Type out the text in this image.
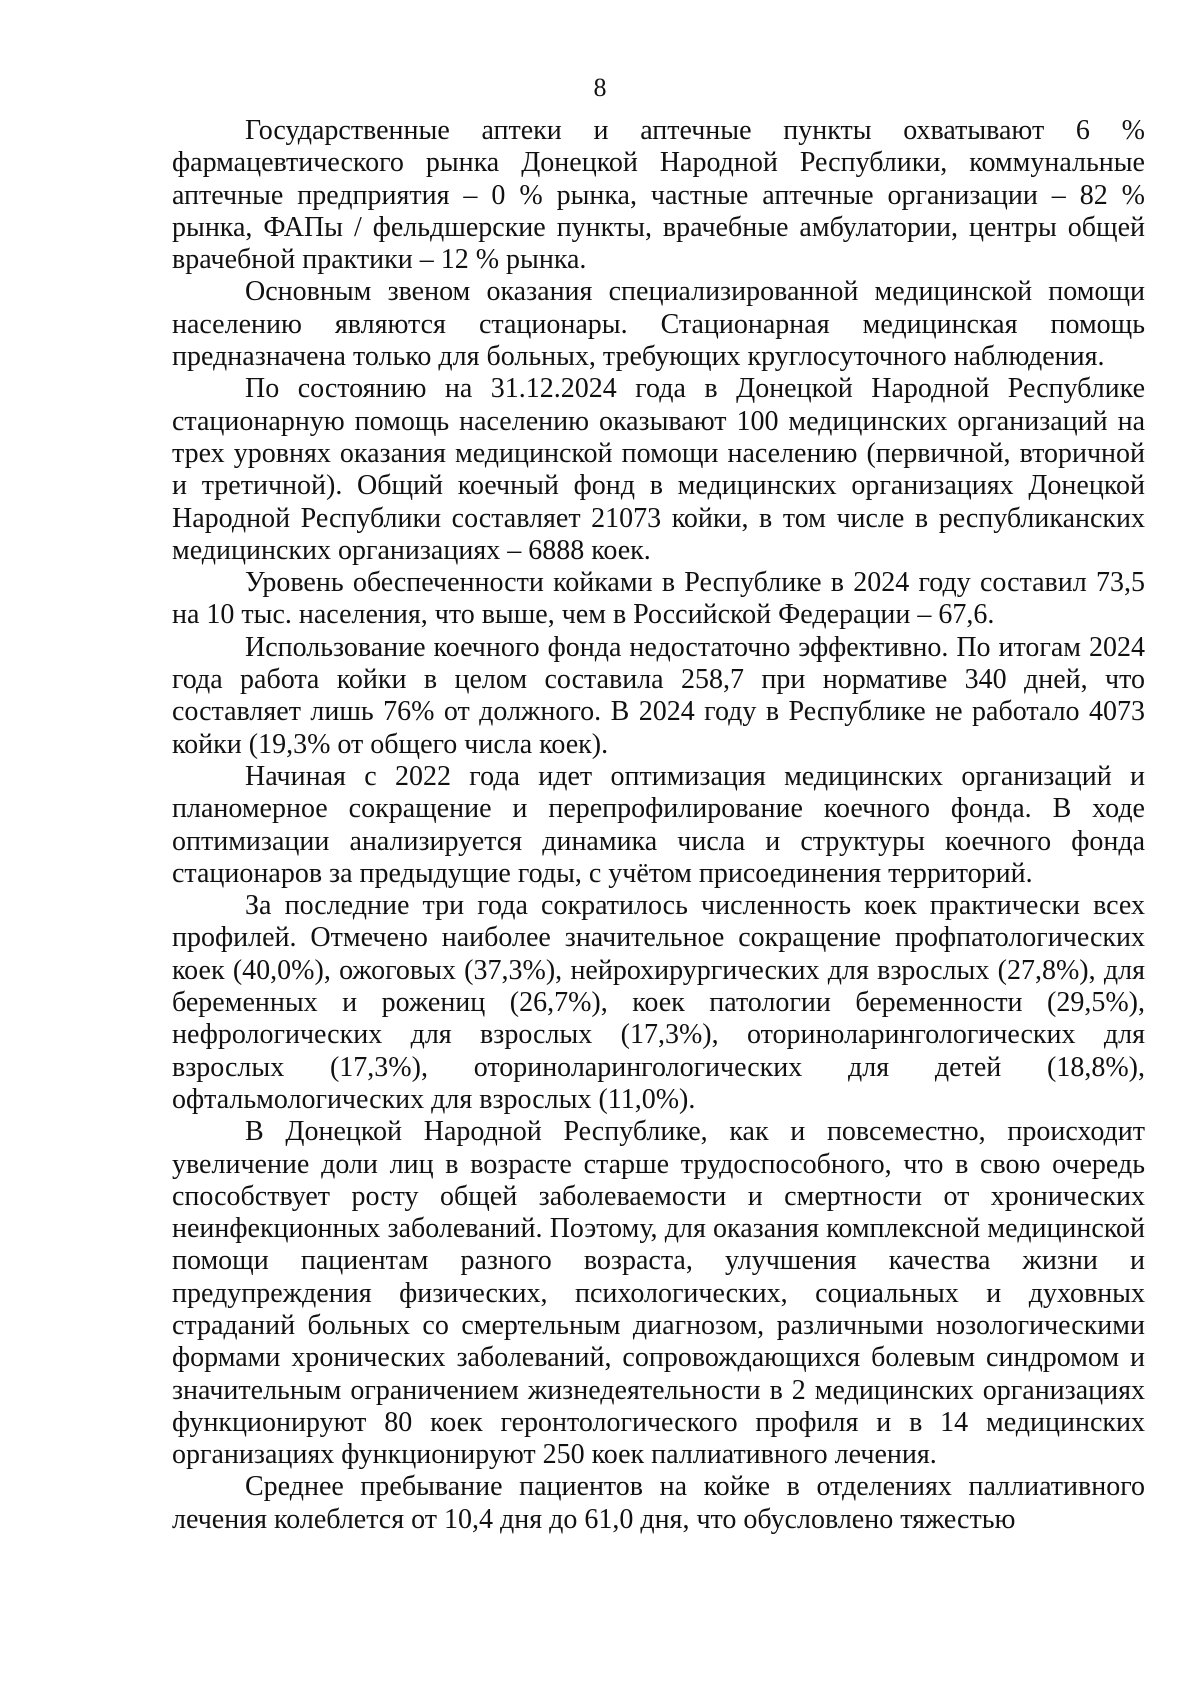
8

Государственные аптеки и аптечные пункты охватывают 6 % фармацевтического рынка Донецкой Народной Республики, коммунальные аптечные предприятия – 0 % рынка, частные аптечные организации – 82 % рынка, ФАПы / фельдшерские пункты, врачебные амбулатории, центры общей врачебной практики – 12 % рынка.

Основным звеном оказания специализированной медицинской помощи населению являются стационары. Стационарная медицинская помощь предназначена только для больных, требующих круглосуточного наблюдения.

По состоянию на 31.12.2024 года в Донецкой Народной Республике стационарную помощь населению оказывают 100 медицинских организаций на трех уровнях оказания медицинской помощи населению (первичной, вторичной и третичной). Общий коечный фонд в медицинских организациях Донецкой Народной Республики составляет 21073 койки, в том числе в республиканских медицинских организациях – 6888 коек.

Уровень обеспеченности койками в Республике в 2024 году составил 73,5 на 10 тыс. населения, что выше, чем в Российской Федерации – 67,6.

Использование коечного фонда недостаточно эффективно. По итогам 2024 года работа койки в целом составила 258,7 при нормативе 340 дней, что составляет лишь 76% от должного. В 2024 году в Республике не работало 4073 койки (19,3% от общего числа коек).

Начиная с 2022 года идет оптимизация медицинских организаций и планомерное сокращение и перепрофилирование коечного фонда. В ходе оптимизации анализируется динамика числа и структуры коечного фонда стационаров за предыдущие годы, с учётом присоединения территорий.

За последние три года сократилось численность коек практически всех профилей. Отмечено наиболее значительное сокращение профпатологических коек (40,0%), ожоговых (37,3%), нейрохирургических для взрослых (27,8%), для беременных и рожениц (26,7%), коек патологии беременности (29,5%), нефрологических для взрослых (17,3%), оториноларингологических для взрослых (17,3%), оториноларингологических для детей (18,8%), офтальмологических для взрослых (11,0%).

В Донецкой Народной Республике, как и повсеместно, происходит увеличение доли лиц в возрасте старше трудоспособного, что в свою очередь способствует росту общей заболеваемости и смертности от хронических неинфекционных заболеваний. Поэтому, для оказания комплексной медицинской помощи пациентам разного возраста, улучшения качества жизни и предупреждения физических, психологических, социальных и духовных страданий больных со смертельным диагнозом, различными нозологическими формами хронических заболеваний, сопровождающихся болевым синдромом и значительным ограничением жизнедеятельности в 2 медицинских организациях функционируют 80 коек геронтологического профиля и в 14 медицинских организациях функционируют 250 коек паллиативного лечения.

Среднее пребывание пациентов на койке в отделениях паллиативного лечения колеблется от 10,4 дня до 61,0 дня, что обусловлено тяжестью
